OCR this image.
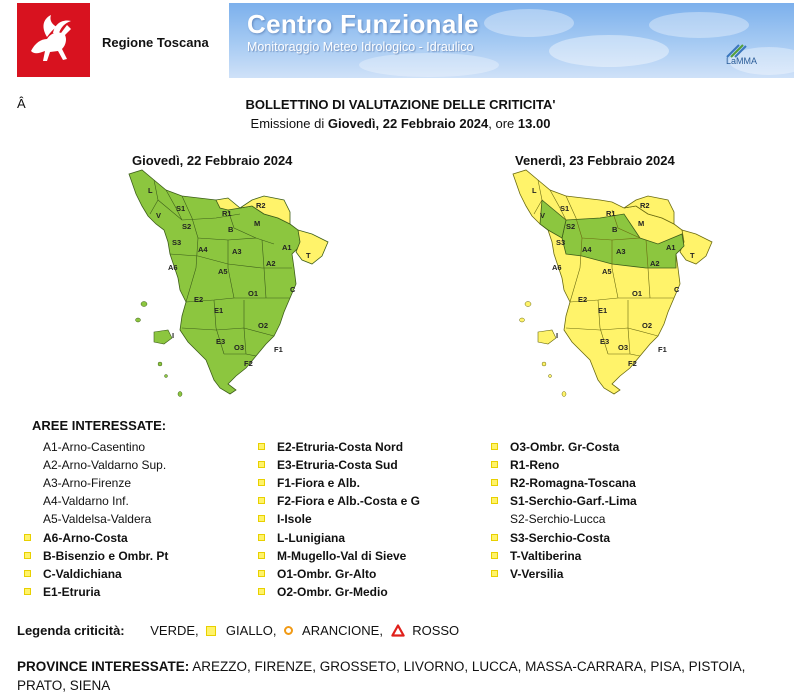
Regione Toscana
Centro Funzionale
Monitoraggio Meteo Idrologico - Idraulico
LaMMA
Â	BOLLETTINO DI VALUTAZIONE DELLE CRITICITA'
Emissione di Giovedì, 22 Febbraio 2024, ore 13.00
Giovedì, 22 Febbraio 2024	Venerdì, 23 Febbraio 2024
L
S1
V
S2
S3
R1
R2
B
M
A4	A3	A1
A6	A5
A2
T
C
O1
E2
E1
I
O2
E3
O3	F1
F2
L
S1
V
S2
S3
R1
R2
B
M
A4	A3	A1
A6	A5
A2
T
C
O1
E2
E1
I
O2
E3
O3	F1
F2
AREE INTERESSATE:
A1-Arno-Casentino
A2-Arno-Valdarno Sup.
A3-Arno-Firenze
A4-Valdarno Inf.
A5-Valdelsa-Valdera
A6-Arno-Costa
B-Bisenzio e Ombr. Pt
C-Valdichiana
E1-Etruria
E2-Etruria-Costa Nord
E3-Etruria-Costa Sud
F1-Fiora e Alb.
F2-Fiora e Alb.-Costa e G
I-Isole
L-Lunigiana
M-Mugello-Val di Sieve
O1-Ombr. Gr-Alto
O2-Ombr. Gr-Medio
O3-Ombr. Gr-Costa
R1-Reno
R2-Romagna-Toscana
S1-Serchio-Garf.-Lima
S2-Serchio-Lucca
S3-Serchio-Costa
T-Valtiberina
V-Versilia
Legenda criticità: VERDE, GIALLO, ARANCIONE, ROSSO
PROVINCE INTERESSATE: AREZZO, FIRENZE, GROSSETO, LIVORNO, LUCCA, MASSA-CARRARA, PISA, PISTOIA, PRATO, SIENA
